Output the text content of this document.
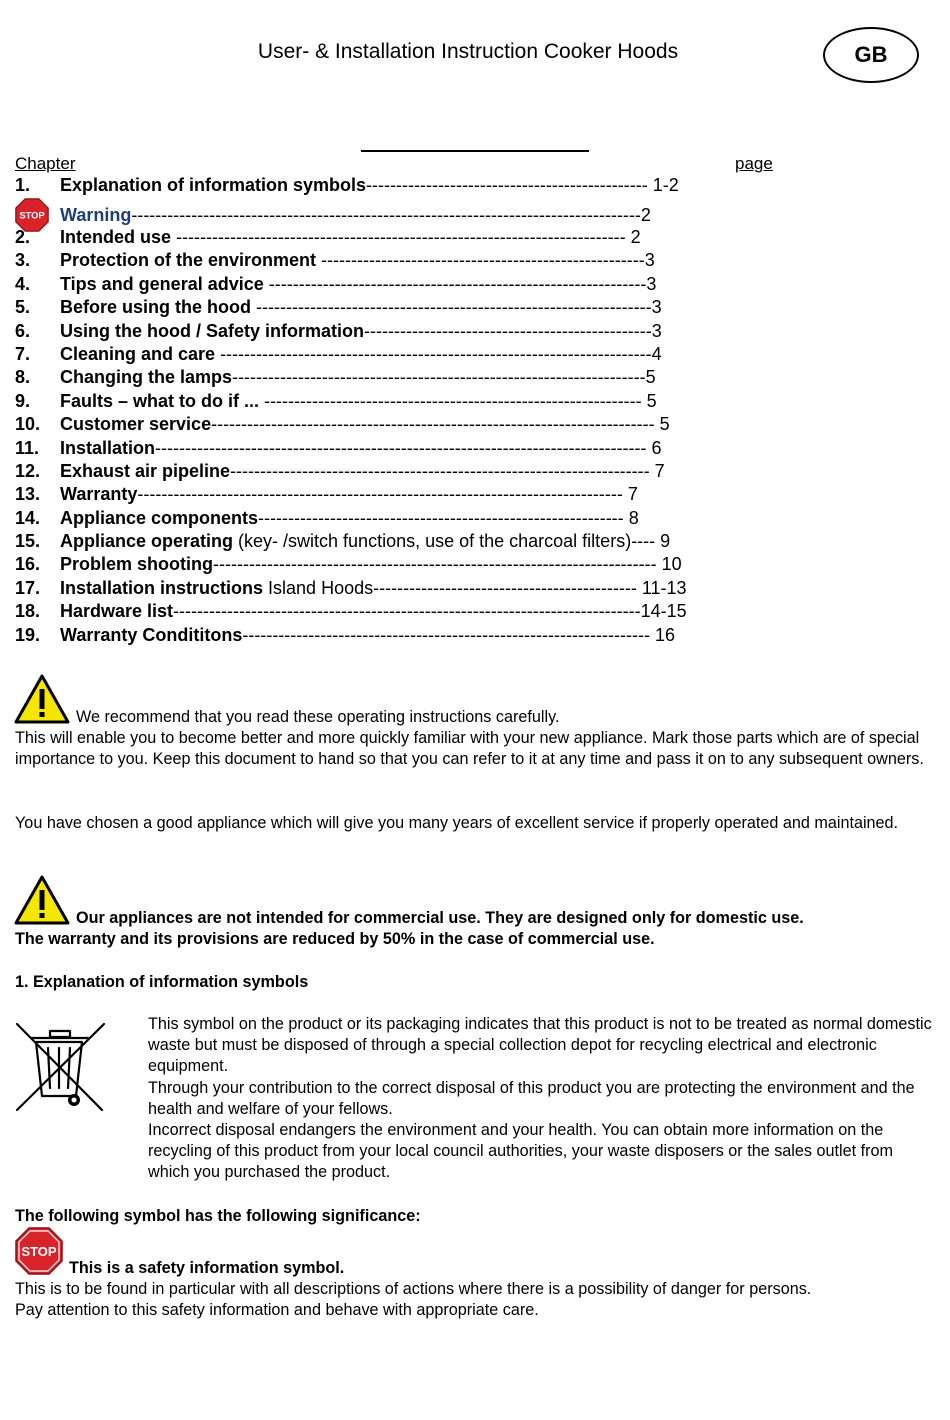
User- & Installation Instruction Cooker Hoods	GB
Chapter	page
1. Explanation of information symbols----------------------------------------------- 1-2
STOP Warning-------------------------------------------------------------------------------------2
2. Intended use --------------------------------------------------------------------------- 2
3. Protection of the environment ------------------------------------------------------3
4. Tips and general advice ---------------------------------------------------------------3
5. Before using the hood ------------------------------------------------------------------3
6. Using the hood / Safety information------------------------------------------------3
7. Cleaning and care ------------------------------------------------------------------------4
8. Changing the lamps---------------------------------------------------------------------5
9. Faults – what to do if ... --------------------------------------------------------------- 5
10. Customer service-------------------------------------------------------------------------- 5
11. Installation---------------------------------------------------------------------------------- 6
12. Exhaust air pipeline---------------------------------------------------------------------- 7
13. Warranty--------------------------------------------------------------------------------- 7
14. Appliance components------------------------------------------------------------- 8
15. Appliance operating (key- /switch functions, use of the charcoal filters)---- 9
16. Problem shooting-------------------------------------------------------------------------- 10
17. Installation instructions Island Hoods-------------------------------------------- 11-13
18. Hardware list------------------------------------------------------------------------------14-15
19. Warranty Condititons-------------------------------------------------------------------- 16
We recommend that you read these operating instructions carefully.
This will enable you to become better and more quickly familiar with your new appliance. Mark those parts which are of special importance to you. Keep this document to hand so that you can refer to it at any time and pass it on to any subsequent owners.
You have chosen a good appliance which will give you many years of excellent service if properly operated and maintained.
Our appliances are not intended for commercial use. They are designed only for domestic use.
The warranty and its provisions are reduced by 50% in the case of commercial use.
1. Explanation of information symbols
This symbol on the product or its packaging indicates that this product is not to be treated as normal domestic waste but must be disposed of through a special collection depot for recycling electrical and electronic equipment.
Through your contribution to the correct disposal of this product you are protecting the environment and the health and welfare of your fellows.
Incorrect disposal endangers the environment and your health. You can obtain more information on the recycling of this product from your local council authorities, your waste disposers or the sales outlet from which you purchased the product.
The following symbol has the following significance:
STOP
This is a safety information symbol.
This is to be found in particular with all descriptions of actions where there is a possibility of danger for persons.
Pay attention to this safety information and behave with appropriate care.
